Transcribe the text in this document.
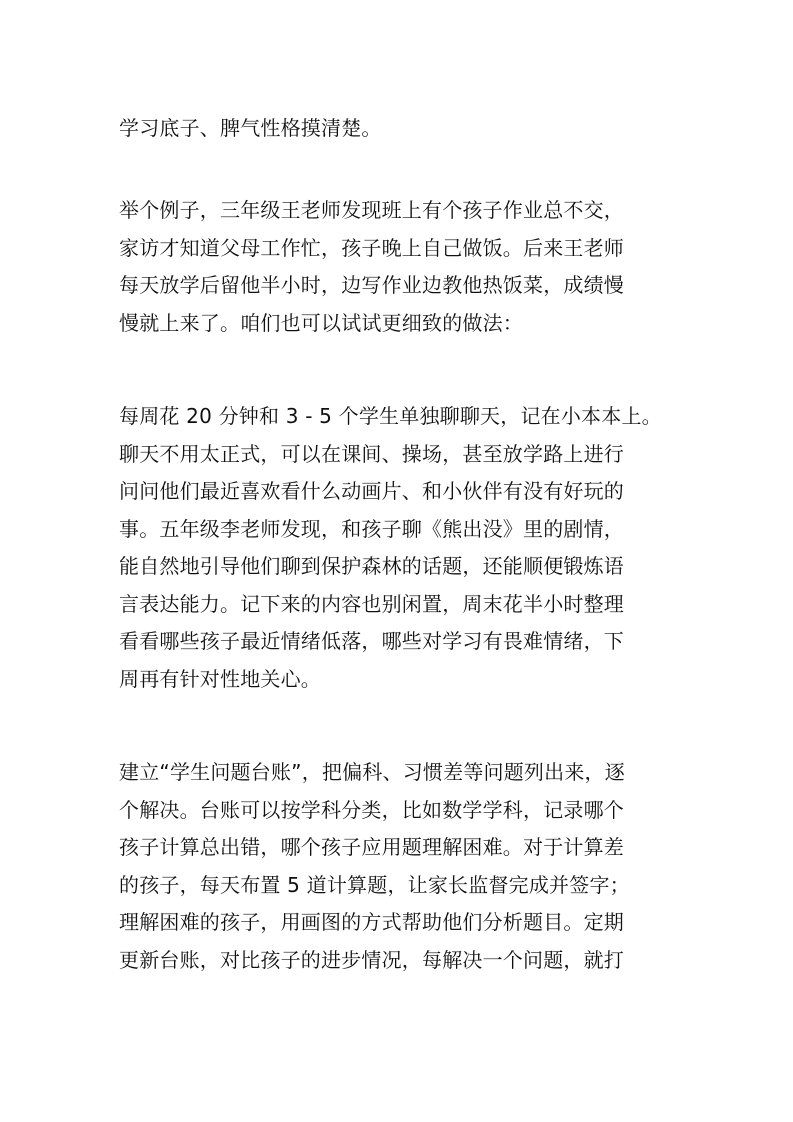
学习底子、脾气性格摸清楚。
举个例子，三年级王老师发现班上有个孩子作业总不交，
家访才知道父母工作忙，孩子晚上自己做饭。后来王老师
每天放学后留他半小时，边写作业边教他热饭菜，成绩慢
慢就上来了。咱们也可以试试更细致的做法：
每周花 20 分钟和 3 - 5 个学生单独聊聊天，记在小本本上。
聊天不用太正式，可以在课间、操场，甚至放学路上进行
问问他们最近喜欢看什么动画片、和小伙伴有没有好玩的
事。五年级李老师发现，和孩子聊《熊出没》里的剧情，
能自然地引导他们聊到保护森林的话题，还能顺便锻炼语
言表达能力。记下来的内容也别闲置，周末花半小时整理
看看哪些孩子最近情绪低落，哪些对学习有畏难情绪，下
周再有针对性地关心。
建立“学生问题台账”，把偏科、习惯差等问题列出来，逐
个解决。台账可以按学科分类，比如数学学科，记录哪个
孩子计算总出错，哪个孩子应用题理解困难。对于计算差
的孩子，每天布置 5 道计算题，让家长监督完成并签字；
理解困难的孩子，用画图的方式帮助他们分析题目。定期
更新台账，对比孩子的进步情况，每解决一个问题，就打
